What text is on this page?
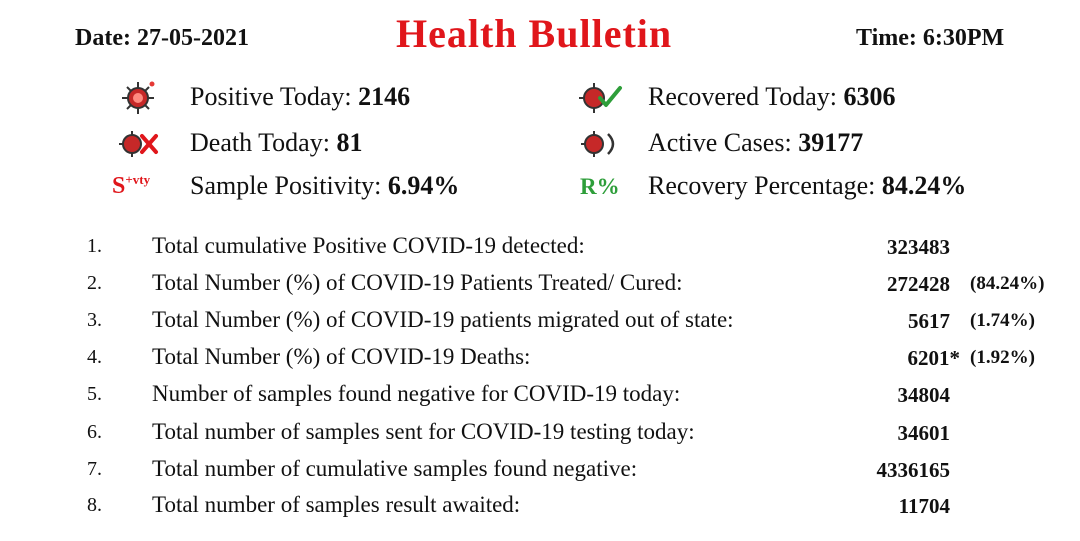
Date: 27-05-2021	Health Bulletin	Time: 6:30PM
$S^{+vty}$	R%
Positive Today: 2146
Death Today: 81
Sample Positivity: 6.94%
Recovered Today: 6306
Active Cases: 39177
Recovery Percentage: 84.24%
1. Total cumulative Positive COVID-19 detected:	323483
2. Total Number (%) of COVID-19 Patients Treated/ Cured:	272428 (84.24%)
3. Total Number (%) of COVID-19 patients migrated out of state:	5617 (1.74%)
4. Total Number (%) of COVID-19 Deaths:	6201* (1.92%)
5. Number of samples found negative for COVID-19 today:	34804
6. Total number of samples sent for COVID-19 testing today:	34601
7. Total number of cumulative samples found negative:	4336165
8. Total number of samples result awaited:	11704
